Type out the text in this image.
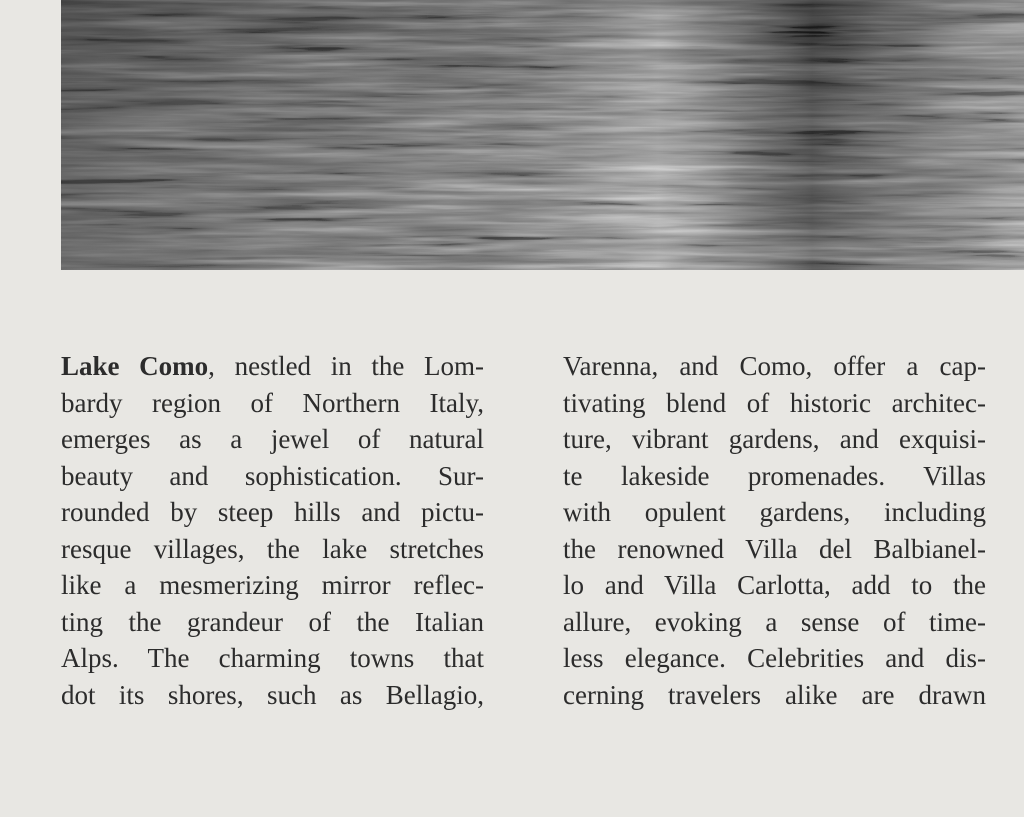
Lake Como, nestled in the Lom-
bardy region of Northern Italy,
emerges as a jewel of natural
beauty and sophistication. Sur-
rounded by steep hills and pictu-
resque villages, the lake stretches
like a mesmerizing mirror reflec-
ting the grandeur of the Italian
Alps. The charming towns that
dot its shores, such as Bellagio,
Varenna, and Como, offer a cap-
tivating blend of historic architec-
ture, vibrant gardens, and exquisi-
te lakeside promenades. Villas
with opulent gardens, including
the renowned Villa del Balbianel-
lo and Villa Carlotta, add to the
allure, evoking a sense of time-
less elegance. Celebrities and dis-
cerning travelers alike are drawn
